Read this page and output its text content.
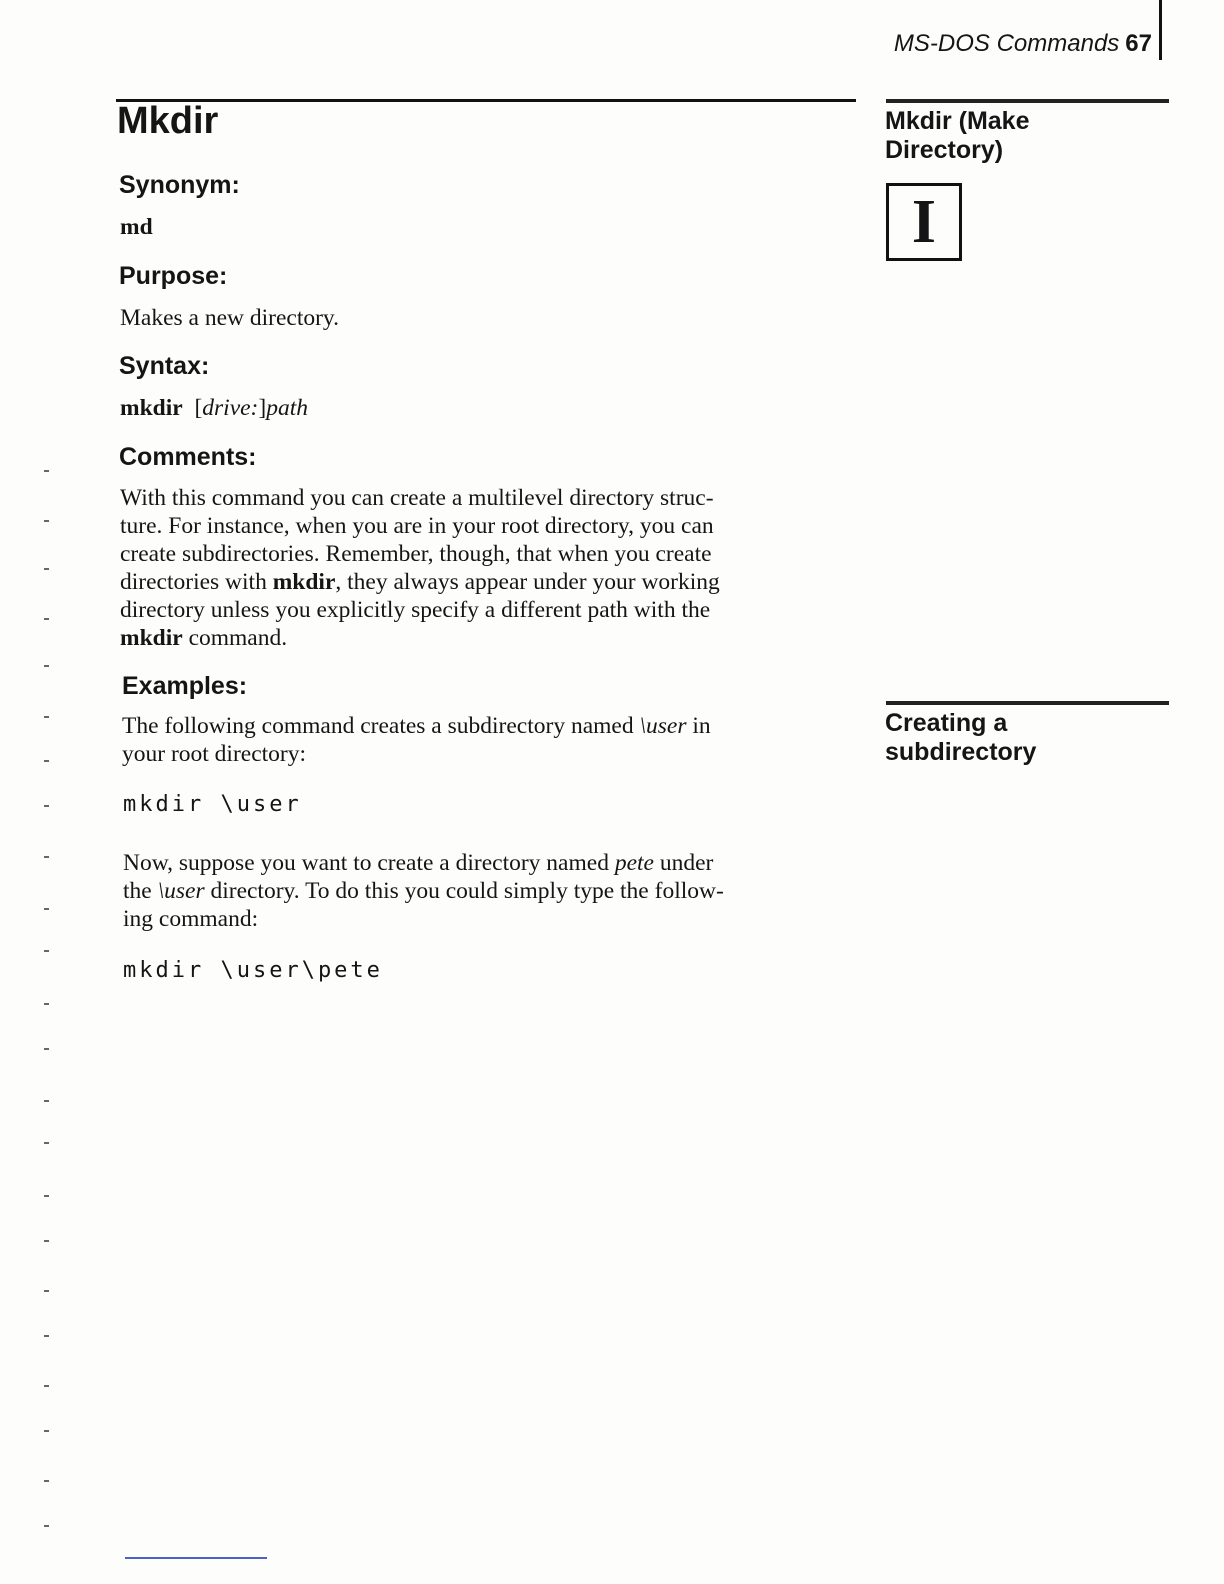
MS-DOS Commands 67
Mkdir	Mkdir (Make
Directory)
I
Creating a
subdirectory
Synonym:
md
Purpose:
Makes a new directory.
Syntax:
mkdir  [drive:]path
Comments:
With this command you can create a multilevel directory struc-
ture. For instance, when you are in your root directory, you can
create subdirectories. Remember, though, that when you create
directories with mkdir, they always appear under your working
directory unless you explicitly specify a different path with the
mkdir command.
Examples:
The following command creates a subdirectory named \user in
your root directory:
mkdir \user
Now, suppose you want to create a directory named pete under
the \user directory. To do this you could simply type the follow-
ing command:
mkdir \user\pete
